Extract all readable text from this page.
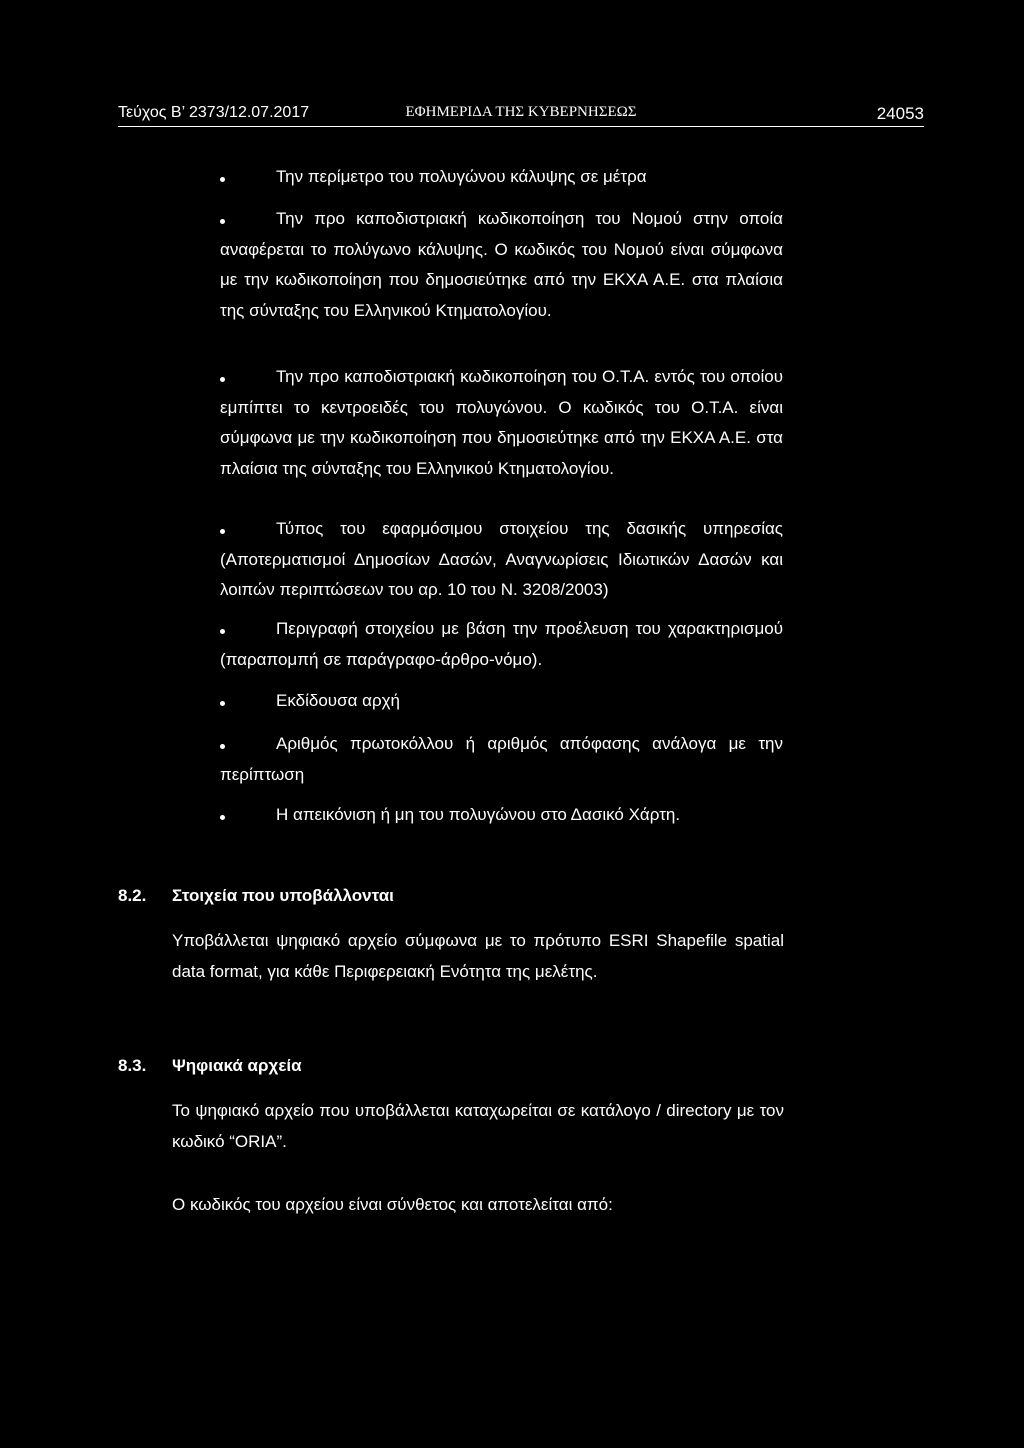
Τεύχος Β’ 2373/12.07.2017	ΕΦΗΜΕΡΙΔΑ ΤΗΣ ΚΥΒΕΡΝΗΣΕΩΣ	24053
Την περίμετρο του πολυγώνου κάλυψης σε μέτρα
Την προ καποδιστριακή κωδικοποίηση του Νομού στην οποία αναφέρεται το πολύγωνο κάλυψης. Ο κωδικός του Νομού είναι σύμφωνα με την κωδικοποίηση που δημοσιεύτηκε από την ΕΚΧΑ Α.Ε. στα πλαίσια της σύνταξης του Ελληνικού Κτηματολογίου.
Την προ καποδιστριακή κωδικοποίηση του Ο.Τ.Α. εντός του οποίου εμπίπτει το κεντροειδές του πολυγώνου. Ο κωδικός του Ο.Τ.Α. είναι σύμφωνα με την κωδικοποίηση που δημοσιεύτηκε από την ΕΚΧΑ Α.Ε. στα πλαίσια της σύνταξης του Ελληνικού Κτηματολογίου.
Τύπος του εφαρμόσιμου στοιχείου της δασικής υπηρεσίας (Αποτερματισμοί Δημοσίων Δασών, Αναγνωρίσεις Ιδιωτικών Δασών και λοιπών περιπτώσεων του αρ. 10 του Ν. 3208/2003)
Περιγραφή στοιχείου με βάση την προέλευση του χαρακτηρισμού (παραπομπή σε παράγραφο-άρθρο-νόμο).
Εκδίδουσα αρχή
Αριθμός πρωτοκόλλου ή αριθμός απόφασης ανάλογα με την περίπτωση
Η απεικόνιση ή μη του πολυγώνου στο Δασικό Χάρτη.
8.2. Στοιχεία που υποβάλλονται
Υποβάλλεται ψηφιακό αρχείο σύμφωνα με το πρότυπο ESRI Shapefile spatial data format, για κάθε Περιφερειακή Ενότητα της μελέτης.
8.3. Ψηφιακά αρχεία
Το ψηφιακό αρχείο που υποβάλλεται καταχωρείται σε κατάλογο / directory με τον κωδικό “ORIA”.
Ο κωδικός του αρχείου είναι σύνθετος και αποτελείται από:
